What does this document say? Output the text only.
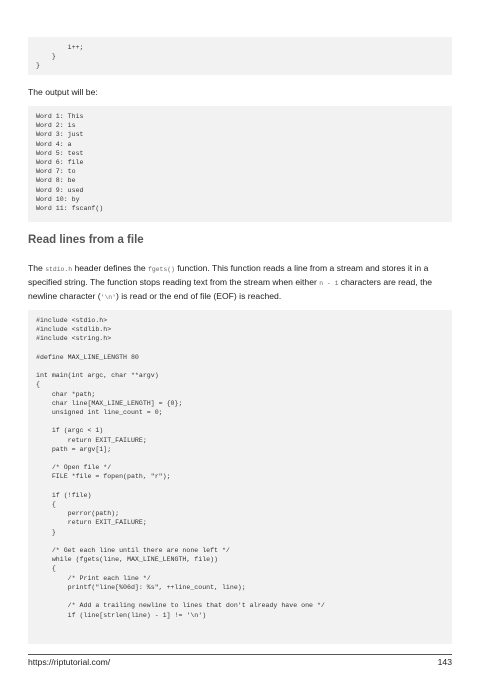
i++;
}
}
The output will be:
Word 1: This
Word 2: is
Word 3: just
Word 4: a
Word 5: test
Word 6: file
Word 7: to
Word 8: be
Word 9: used
Word 10: by
Word 11: fscanf()
Read lines from a file
The stdio.h header defines the fgets() function. This function reads a line from a stream and stores it in a specified string. The function stops reading text from the stream when either n - 1 characters are read, the newline character ('\n') is read or the end of file (EOF) is reached.
#include <stdio.h>
#include <stdlib.h>
#include <string.h>

#define MAX_LINE_LENGTH 80

int main(int argc, char **argv)
{
char *path;
char line[MAX_LINE_LENGTH] = {0};
unsigned int line_count = 0;

if (argc < 1)
return EXIT_FAILURE;
path = argv[1];

/* Open file */
FILE *file = fopen(path, "r");

if (!file)
{
perror(path);
return EXIT_FAILURE;
}

/* Get each line until there are none left */
while (fgets(line, MAX_LINE_LENGTH, file))
{
/* Print each line */
printf("line[%06d]: %s", ++line_count, line);

/* Add a trailing newline to lines that don't already have one */
if (line[strlen(line) - 1] != '\n')
https://riptutorial.com/	143
